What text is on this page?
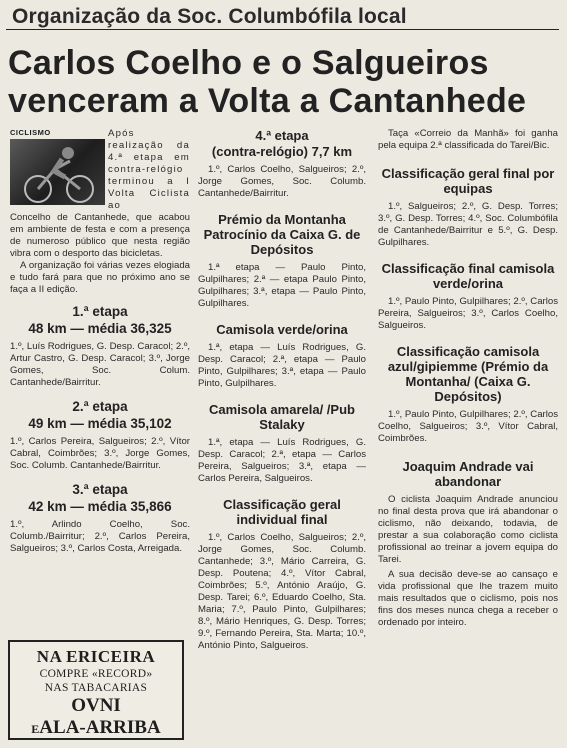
Organização da Soc. Columbófila local
Carlos Coelho e o Salgueiros venceram a Volta a Cantanhede
CICLISMO	Após realização da 4.ª etapa em contra-relógio terminou a I Volta Ciclista ao

Concelho de Cantanhede, que acabou em ambiente de festa e com a presença de numeroso público que nesta região vibra com o desporto das bicicletas.

A organização foi várias vezes elogiada e tudo fará para que no próximo ano se faça a II edição.

1.ª etapa
48 km — média 36,325

1.º, Luís Rodrigues, G. Desp. Caracol; 2.º, Artur Castro, G. Desp. Caracol; 3.º, Jorge Gomes, Soc. Colum. Cantanhede/Bairritur.

2.ª etapa
49 km — média 35,102

1.º, Carlos Pereira, Salgueiros; 2.º, Vítor Cabral, Coimbrões; 3.º, Jorge Gomes, Soc. Columb. Cantanhede/Bairritur.

3.ª etapa
42 km — média 35,866

1.º, Arlindo Coelho, Soc. Columb./Bairritur; 2.º, Carlos Pereira, Salgueiros; 3.º, Carlos Costa, Arreigada.

NA ERICEIRA
COMPRE «RECORD»
NAS TABACARIAS
OVNI
EALA-ARRIBA
4.ª etapa
(contra-relógio) 7,7 km

1.º, Carlos Coelho, Salgueiros; 2.º, Jorge Gomes, Soc. Columb. Cantanhede/Bairritur.

Prémio da Montanha Patrocínio da Caixa G. de Depósitos

1.ª etapa — Paulo Pinto, Gulpilhares; 2.ª — etapa Paulo Pinto, Gulpilhares; 3.ª, etapa — Paulo Pinto, Gulpilhares.

Camisola verde/orina

1.ª, etapa — Luís Rodrigues, G. Desp. Caracol; 2.ª, etapa — Paulo Pinto, Gulpilhares; 3.ª, etapa — Paulo Pinto, Gulpilhares.

Camisola amarela/ /Pub Stalaky

1.ª, etapa — Luís Rodrigues, G. Desp. Caracol; 2.ª, etapa — Carlos Pereira, Salgueiros; 3.ª, etapa — Carlos Pereira, Salgueiros.

Classificação geral individual final

1.º, Carlos Coelho, Salgueiros; 2.º, Jorge Gomes, Soc. Columb. Cantanhede; 3.º, Mário Carreira, G. Desp. Poutena; 4.º, Vítor Cabral, Coimbrões; 5.º, António Araújo, G. Desp. Tarei; 6.º, Eduardo Coelho, Sta. Maria; 7.º, Paulo Pinto, Gulpilhares; 8.º, Mário Henriques, G. Desp. Torres; 9.º, Fernando Pereira, Sta. Marta; 10.º, António Pinto, Salgueiros.

Taça «Correio da Manhã» foi ganha pela equipa 2.ª classificada do Tarei/Bic.

Classificação geral final por equipas

1.º, Salgueiros; 2.º, G. Desp. Torres; 3.º, G. Desp. Torres; 4.º, Soc. Columbófila de Cantanhede/Bairritur e 5.º, G. Desp. Gulpilhares.

Classificação final camisola verde/orina

1.º, Paulo Pinto, Gulpilhares; 2.º, Carlos Pereira, Salgueiros; 3.º, Carlos Coelho, Salgueiros.

Classificação camisola azul/gipiemme (Prémio da Montanha/ (Caixa G. Depósitos)

1.º, Paulo Pinto, Gulpilhares; 2.º, Carlos Coelho, Salgueiros; 3.º, Vítor Cabral, Coimbrões.

Joaquim Andrade vai abandonar

O ciclista Joaquim Andrade anunciou no final desta prova que irá abandonar o ciclismo, não deixando, todavia, de prestar a sua colaboração como ciclista profissional ao treinar a jovem equipa do Tarei.

A sua decisão deve-se ao cansaço e vida profissional que lhe trazem muito mais resultados que o ciclismo, pois nos fins dos meses nunca chega a receber o ordenado por inteiro.
